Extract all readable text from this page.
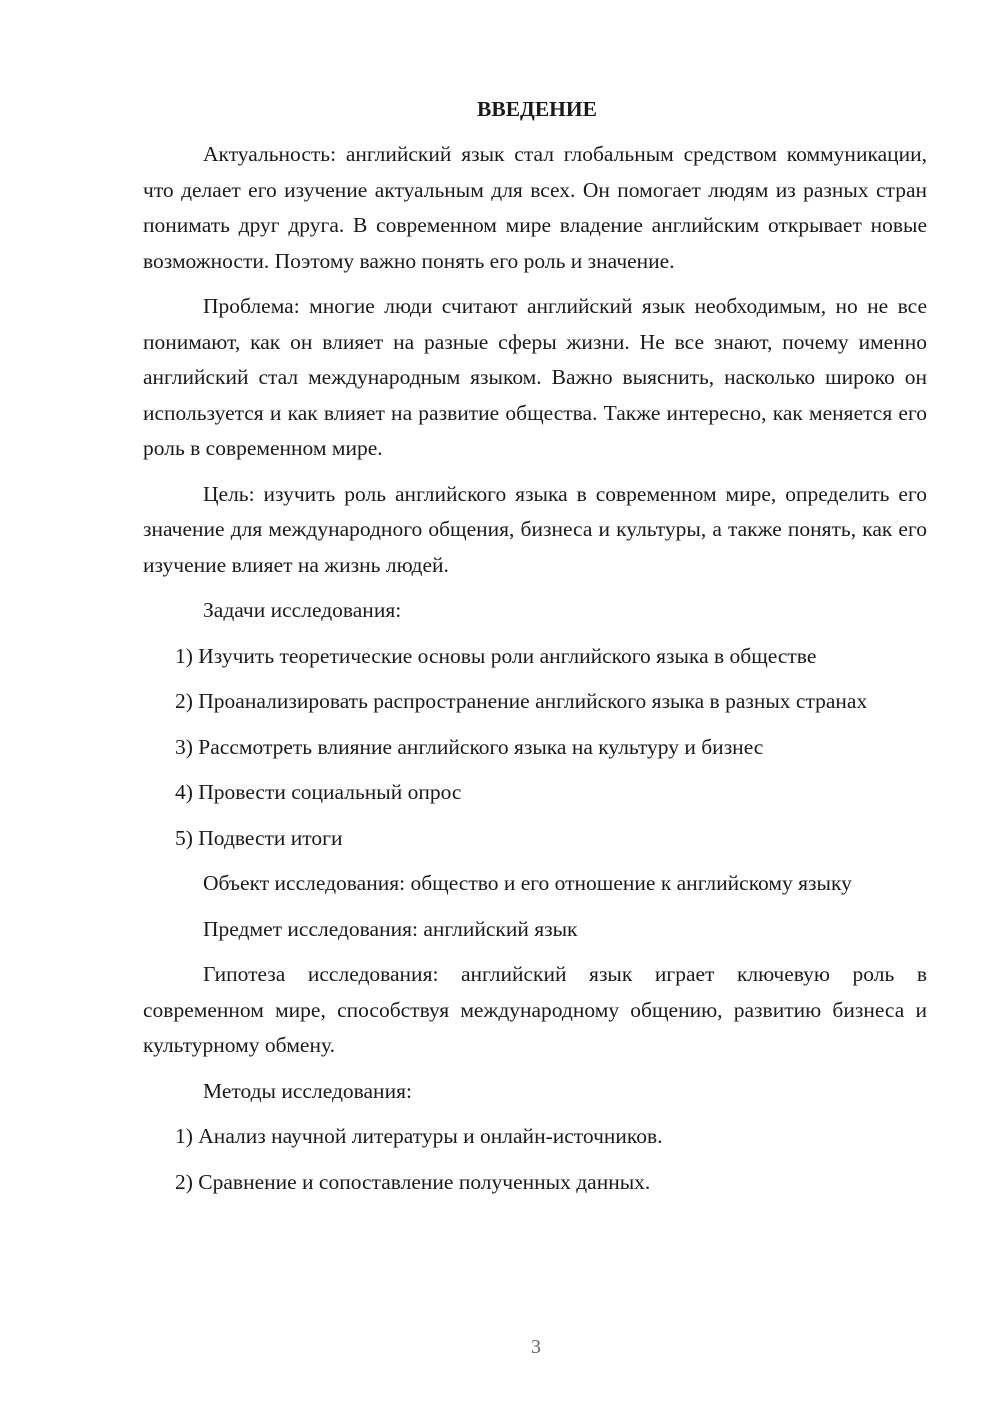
ВВЕДЕНИЕ

Актуальность: английский язык стал глобальным средством коммуникации, что делает его изучение актуальным для всех. Он помогает людям из разных стран понимать друг друга. В современном мире владение английским открывает новые возможности. Поэтому важно понять его роль и значение.

Проблема: многие люди считают английский язык необходимым, но не все понимают, как он влияет на разные сферы жизни. Не все знают, почему именно английский стал международным языком. Важно выяснить, насколько широко он используется и как влияет на развитие общества. Также интересно, как меняется его роль в современном мире.

Цель: изучить роль английского языка в современном мире, определить его значение для международного общения, бизнеса и культуры, а также понять, как его изучение влияет на жизнь людей.

Задачи исследования:

1) Изучить теоретические основы роли английского языка в обществе

2) Проанализировать распространение английского языка в разных странах

3) Рассмотреть влияние английского языка на культуру и бизнес

4) Провести социальный опрос

5) Подвести итоги

Объект исследования: общество и его отношение к английскому языку

Предмет исследования: английский язык

Гипотеза исследования: английский язык играет ключевую роль в современном мире, способствуя международному общению, развитию бизнеса и культурному обмену.

Методы исследования:

1) Анализ научной литературы и онлайн-источников.

2) Сравнение и сопоставление полученных данных.

3
